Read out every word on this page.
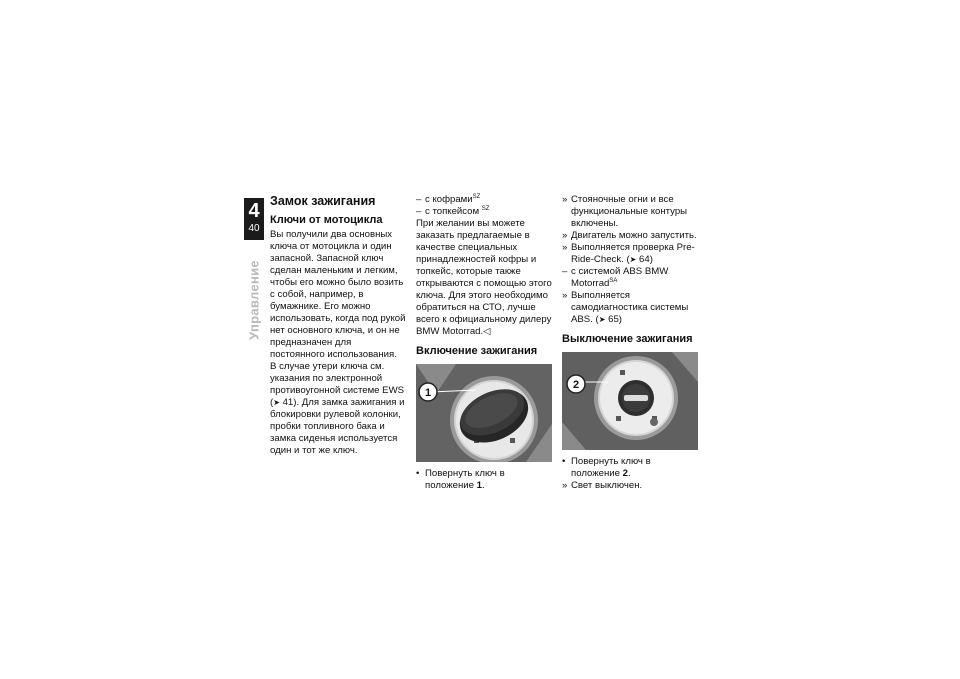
4
40
Управление
Замок зажигания
Ключи от мотоцикла

Вы получили два основных ключа от мотоцикла и один запасной. Запасной ключ сделан маленьким и легким, чтобы его можно было возить с собой, например, в бумажнике. Его можно использовать, когда под рукой нет основного ключа, и он не предназначен для постоянного использования.

В случае утери ключа см. указания по электронной противоугонной системе EWS (➤ 41). Для замка зажигания и блокировки рулевой колонки, пробки топливного бака и замка сиденья используется один и тот же ключ.

– с кофрами$^{SZ}$
– с топкейсом $^{SZ}$

При желании вы можете заказать предлагаемые в качестве специальных принадлежностей кофры и топкейс, которые также открываются с помощью этого ключа. Для этого необходимо обратиться на СТО, лучше всего к официальному дилеру BMW Motorrad.◁

Включение зажигания
1
• Повернуть ключ в положение 1.
» Стояночные огни и все функциональные контуры включены.
» Двигатель можно запустить.
» Выполняется проверка Pre-Ride-Check. (➤ 64)
– с системой ABS BMW Motorrad$^{SA}$
» Выполняется самодиагностика системы ABS. (➤ 65)
Выключение зажигания
2
• Повернуть ключ в положение 2.
» Свет выключен.
